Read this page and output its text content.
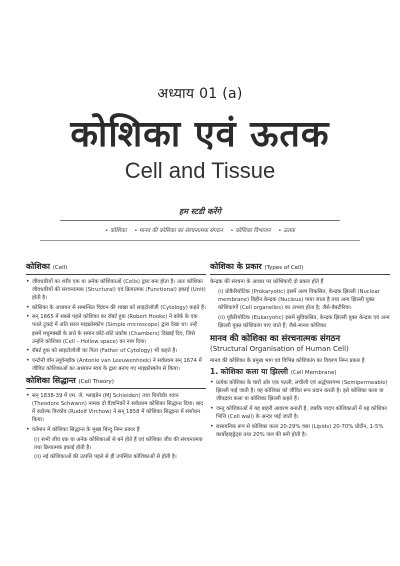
अध्याय 01 (a)
कोशिका एवं ऊतक
Cell and Tissue
हम स्टडी करेंगे
• कोशिका • मानव की कोशिका का संरचनात्मक संगठन • कोशिका विभाजन • ऊतक
कोशिका (Cell)
• जीवधारियों का शरीर एक या अनेक कोशिकाओं (Cells) द्वारा बना होता है। अतः कोशिका जीवधारियों की संरचनात्मक (Structural) एवं क्रियात्मक (Functional) इकाई (Unit) होती है।
• कोशिका के अध्ययन से सम्बन्धित विज्ञान की शाखा को साइटोलॉजी (Cytology) कहते हैं।
• सन् 1665 में सबसे पहले कोशिका का रॉबर्ट हुक (Robert Hooke) ने कॉर्क के एक पतले टुकड़े में अति सरल माइक्रोस्कोप (Simple microscope) द्वारा देखा था। उन्हें इसमें मधुमक्खी के छत्ते के समान छोटे-छोटे प्रकोष्ठ (Chambers) दिखाई दिए, जिसे उन्होंने कोशिका (Cell – Hollow space) का नाम दिया।
• रॉबर्ट हुक को साइटोलॉजी का पिता (Father of Cytology) भी कहते हैं।
• एन्टोनी वॉन ल्यूवेनहॉक (Antonie van Leeuwenhoek) ने सर्वप्रथम सन् 1674 में जीवित कोशिकाओं का अध्ययन स्वयं के द्वारा बनाए गए माइक्रोस्कोप से किया।
कोशिका सिद्धान्त (Cell Theory)
• सन् 1838-39 में एम. जे. श्लाइडेन (MJ Schleiden) तथा थियोडोर श्वान (Theodore Schwann) नामक दो वैज्ञानिकों ने सर्वप्रथम कोशिका सिद्धान्त दिया। बाद में रुडोल्फ विरचोव (Rudolf Virchow) ने सन् 1858 में कोशिका सिद्धान्त में संशोधन किया।
• वर्तमान में कोशिका सिद्धान्त के मुख्य बिन्दु निम्न प्रकार हैं
(i) सभी जीव एक या अनेक कोशिकाओं से बने होते हैं एवं कोशिका जीव की संरचनात्मक तथा क्रियात्मक इकाई होती है।
(ii) नई कोशिकाओं की उत्पत्ति पहले से ही उपस्थित कोशिकाओं से होती है।
कोशिका के प्रकार (Types of Cell)
केन्द्रक की संरचना के आधार पर कोशिकाएँ दो प्रकार होते हैं
(i) प्रोकैरियोटिक (Prokaryotic) इसमें अल्प विकसित, केन्द्रक झिल्ली (Nuclear membrane) विहीन केन्द्रक (Nucleus) पाया जाता है तथा अन्य झिल्ली युक्त कोशिकांगों (Cell organelles) का अभाव होता है; जैसे-बैक्टीरिया।
(ii) यूकैरियोटिक (Eukaryotic) इसमें सुविकसित, केन्द्रक झिल्ली युक्त केन्द्रक एवं अन्य झिल्ली युक्त कोशिकांग पाए जाते हैं; जैसे-मानव कोशिका
मानव की कोशिका का संरचनात्मक संगठन
(Structural Organisation of Human Cell)
मानव की कोशिका के प्रमुख भाग एवं विभिन्न कोशिकांग का विवरण निम्न प्रकार है
1. कोशिका कला या झिल्ली (Cell Membrane)
• प्रत्येक कोशिका के चारों ओर एक पतली, लचीली एवं अर्द्धपारगम्य (Semipermeable) झिल्ली पाई जाती है। यह कोशिका को जीवित रूप प्रदान करती है। इसे कोशिका कला या जीवद्रव्य कला या कोशिका झिल्ली कहते हैं।
• जन्तु कोशिकाओं में यह बाहरी आवरण बनाती है, जबकि पादप कोशिकाओं में यह कोशिका भित्ति (Cell wall) के अन्दर पाई जाती है।
• रासायनिक रूप से कोशिका कला 20-29% वसा (Lipids) 20-70% प्रोटीन, 1-5% कार्बोहाइड्रेट्स तथा 20% जल की बनी होती है।
